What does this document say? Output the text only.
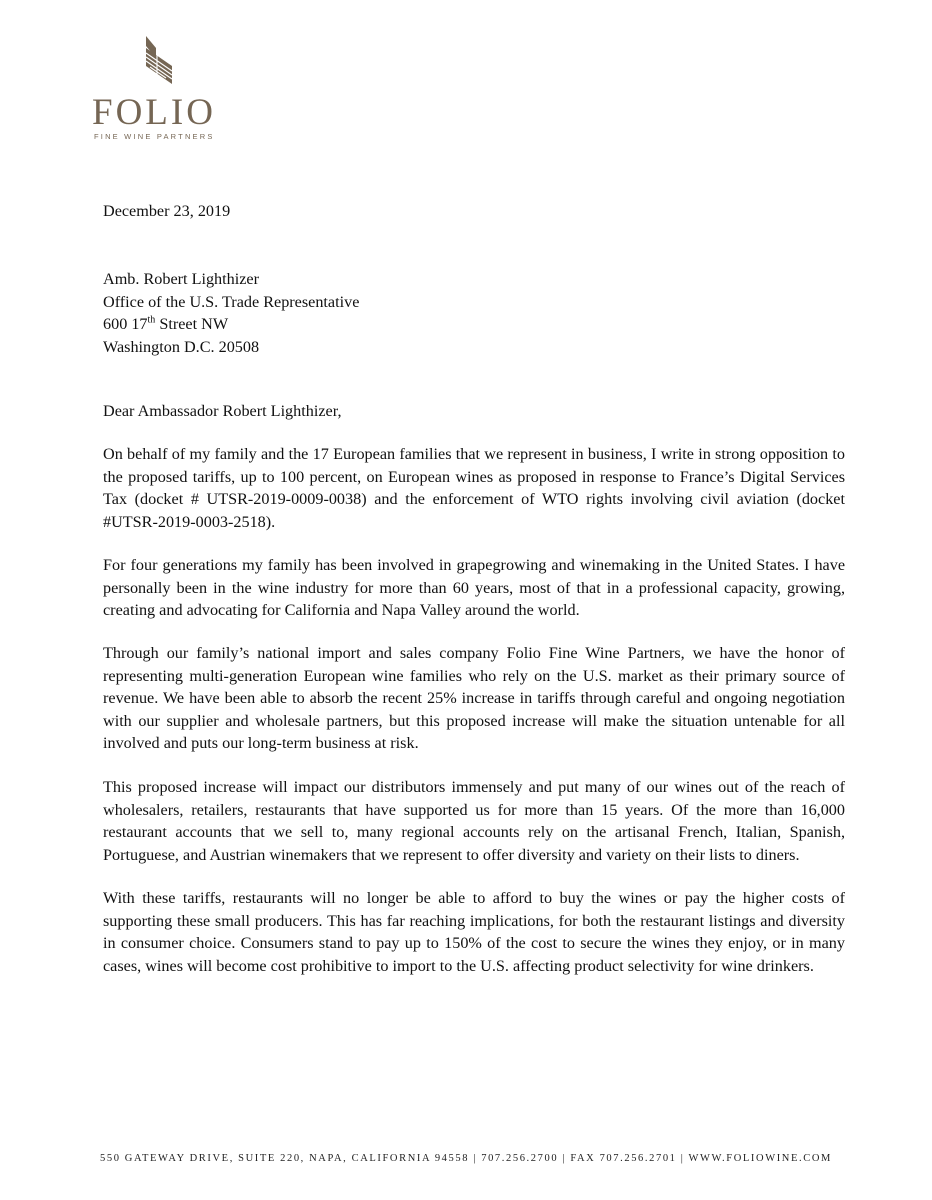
FOLIO
FINE WINE PARTNERS
December 23, 2019
Amb. Robert Lighthizer
Office of the U.S. Trade Representative
600 17th Street NW
Washington D.C. 20508
Dear Ambassador Robert Lighthizer,

On behalf of my family and the 17 European families that we represent in business, I write in strong opposition to the proposed tariffs, up to 100 percent, on European wines as proposed in response to France’s Digital Services Tax (docket # UTSR-2019-0009-0038) and the enforcement of WTO rights involving civil aviation (docket #UTSR-2019-0003-2518).

For four generations my family has been involved in grapegrowing and winemaking in the United States. I have personally been in the wine industry for more than 60 years, most of that in a professional capacity, growing, creating and advocating for California and Napa Valley around the world.

Through our family’s national import and sales company Folio Fine Wine Partners, we have the honor of representing multi-generation European wine families who rely on the U.S. market as their primary source of revenue. We have been able to absorb the recent 25% increase in tariffs through careful and ongoing negotiation with our supplier and wholesale partners, but this proposed increase will make the situation untenable for all involved and puts our long-term business at risk.

This proposed increase will impact our distributors immensely and put many of our wines out of the reach of wholesalers, retailers, restaurants that have supported us for more than 15 years. Of the more than 16,000 restaurant accounts that we sell to, many regional accounts rely on the artisanal French, Italian, Spanish, Portuguese, and Austrian winemakers that we represent to offer diversity and variety on their lists to diners.

With these tariffs, restaurants will no longer be able to afford to buy the wines or pay the higher costs of supporting these small producers. This has far reaching implications, for both the restaurant listings and diversity in consumer choice. Consumers stand to pay up to 150% of the cost to secure the wines they enjoy, or in many cases, wines will become cost prohibitive to import to the U.S. affecting product selectivity for wine drinkers.

550 GATEWAY DRIVE, SUITE 220, NAPA, CALIFORNIA 94558 | 707.256.2700 | FAX 707.256.2701 | WWW.FOLIOWINE.COM
